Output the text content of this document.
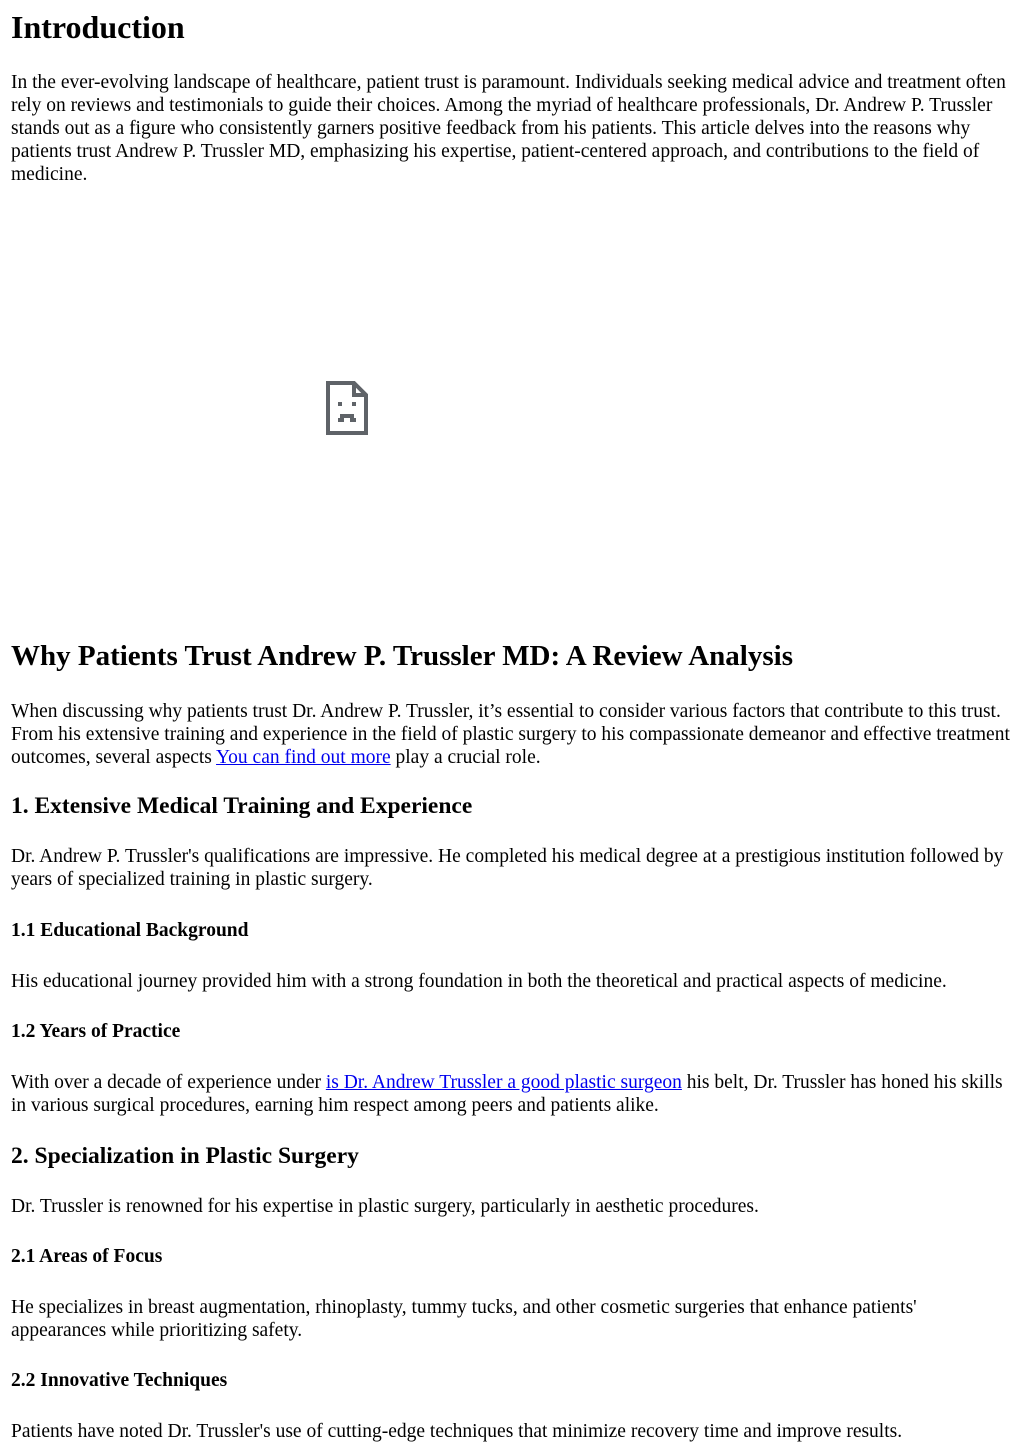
Introduction

In the ever-evolving landscape of healthcare, patient trust is paramount. Individuals seeking medical advice and treatment often rely on reviews and testimonials to guide their choices. Among the myriad of healthcare professionals, Dr. Andrew P. Trussler stands out as a figure who consistently garners positive feedback from his patients. This article delves into the reasons why patients trust Andrew P. Trussler MD, emphasizing his expertise, patient-centered approach, and contributions to the field of medicine.

Why Patients Trust Andrew P. Trussler MD: A Review Analysis

When discussing why patients trust Dr. Andrew P. Trussler, it’s essential to consider various factors that contribute to this trust. From his extensive training and experience in the field of plastic surgery to his compassionate demeanor and effective treatment outcomes, several aspects You can find out more play a crucial role.

1. Extensive Medical Training and Experience

Dr. Andrew P. Trussler's qualifications are impressive. He completed his medical degree at a prestigious institution followed by years of specialized training in plastic surgery.

1.1 Educational Background

His educational journey provided him with a strong foundation in both the theoretical and practical aspects of medicine.

1.2 Years of Practice

With over a decade of experience under is Dr. Andrew Trussler a good plastic surgeon his belt, Dr. Trussler has honed his skills in various surgical procedures, earning him respect among peers and patients alike.

2. Specialization in Plastic Surgery

Dr. Trussler is renowned for his expertise in plastic surgery, particularly in aesthetic procedures.

2.1 Areas of Focus

He specializes in breast augmentation, rhinoplasty, tummy tucks, and other cosmetic surgeries that enhance patients' appearances while prioritizing safety.

2.2 Innovative Techniques

Patients have noted Dr. Trussler's use of cutting-edge techniques that minimize recovery time and improve results.
